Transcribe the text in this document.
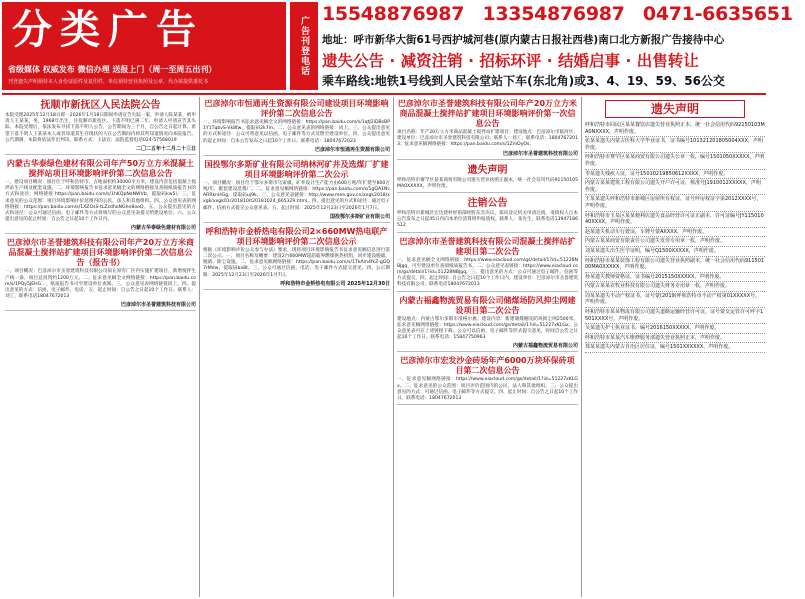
分类广告
省级媒体 权威发布 微信办理 送报上门（周一至周五出刊）
刊登遗失声明须持本人身份证原件及复印件，单位须持营业执照及公章，代办需提供委托书
广告刊登电话
15548876987 13354876987 0471-6635651
地址：呼市新华大街61号西护城河巷(原内蒙古日报社西巷)南口北方新报广告接待中心
遗失公告 · 减资注销 · 招标环评 · 结婚启事 · 出售转让
乘车路线:地铁1号线到人民会堂站下车(东北角)或3、4、19、59、56公交
抚顺市新抚区人民法院公告
本院受理2025年12月18日即一2026年1月18日期间申请宣告失踪一案，申请人陈某某，被申请人王某某，男，1968年出生，住抚顺市新抚区。下落不明已满二年，申请人申请宣告其失踪。本院受理后，依法发布寻找下落不明人公告，公告期间为三个月，自公告之日起计算。希望下落不明人王某某本人或者知道其生存现状的人在公告期间内将其所知道情况向本院报告。公告期满，本院将依法作出判决。联系方式：王法官；法院监督电话024-57568019
二〇二五年十二月二十三日
内蒙古华泰绿色建材有限公司年产50万立方米混凝土搅拌站项目环境影响评价第二次信息公告
一、建设项目概况：项目位于呼和浩特市，占地面积约30000平方米，建设内容包括混凝土搅拌站生产线及配套设施。二、环境影响报告书征求意见稿全文的网络链接及查阅纸质报告书的方式和途径：网络链接 https://pan.baidu.com/s/1hKQpNaNWVb，提取码kw5i。三、征求意见的公众范围：项目环境影响评价范围内的公民、法人和其他组织。四、公众意见表的网络链接：https://pan.baidu.com/s/1XZOsS-tLZsdhoNGhn8ooQ。五、公众提出意见的方式和途径：公众可通过信函、电子邮件等方式将填写的公众意见表提交给建设单位。六、公众提出意见的起止时间：自公告之日起10个工作日内。
内蒙古华泰绿色建材有限公司
巴彦淖尔市圣誉建筑科技有限公司年产20万立方米商品混凝土搅拌站扩建项目环境影响评价第二次信息公告（报告书）
一、项目概况：巴彦淖尔市圣誉建筑科技有限公司拟在原有厂区内实施扩建项目，新增搅拌生产线一条，项目总投资约1200万元。二、征求意见稿全文网络链接：https://pan.baidu.com/s/1PQy5JEHG...，纸质报告书可至建设单位查阅。三、公众意见表网络链接同上。四、提出意见的方式：信函、电子邮件、电话。五、起止时间：自公告之日起10个工作日。联系人：刘工，联系电话18047672013
巴彦淖尔市圣誉建筑科技有限公司
巴彦淖尔市恒通再生资源有限公司建设项目环境影响评价第二次信息公告
一、环境影响报告书征求意见稿全文的网络链接：https://pan.baidu.com/s/1qtJ2iDBsBP1Y1TqbvS-Vk8fw，提取码2k7m。二、公众意见表的网络链接：同上。三、公众提出意见的方式和途径：公众可将意见以信函、电子邮件等方式反馈至建设单位。四、公众提出意见的起止时间：自本公告发布之日起10个工作日。联系电话：18047672023
巴彦淖尔市恒通再生资源有限公司
国投鄂尔多斯矿业有限公司纳林河矿井及选煤厂扩建项目环境影响评价第二次公示
一、项目概况：项目位于鄂尔多斯市乌审旗，矿井设计生产能力由600万吨/年扩建至800万吨/年，配套建设选煤厂。二、征求意见稿网络链接：https://pan.baidu.com/s/1gQA1NcARRknHGg，提取码uj9k。三、公众意见表链接：http://www.mee.gov.cn/xxgk2018/xxgk/xxgk01/201810/t20181024_665329.html。四、提出意见的方式和途径：通过电子邮件、信函方式提交公众意见表。五、起止时间：2025年12月23日至2026年1月7日。
国投鄂尔多斯矿业有限公司
呼和浩特市金桥热电有限公司2×660MW热电联产项目环境影响评价第二次信息公示
根据《环境影响评价公众参与办法》要求，现将项目环境影响报告书征求意见稿信息进行第二次公示。一、项目名称及概要：建设2台660MW超超临界燃煤供热机组，同步建设脱硫、脱硝、除尘设施。二、征求意见稿网络链接：https://pan.baidu.com/s/1TkAm4fkZ-gGQ7rMdw，提取码bx8t。三、公众可通过信函、电话、电子邮件方式提交意见。四、公示期限：2025年12月23日至2026年1月7日。
呼和浩特市金桥热电有限公司 2025年12月30日
巴彦淖尔市圣誉建筑科技有限公司年产20万立方米商品混凝土搅拌站扩建项目环境影响评价第一次信息公告
项目名称：年产20万立方米商品混凝土搅拌站扩建项目；建设地点：巴彦淖尔市临河区；建设单位：巴彦淖尔市圣誉建筑科技有限公司；联系人：刘工；联系电话：18047672013；征求意见稿网络链接：https://pan.baidu.com/s/1ZmDyOs。
巴彦淖尔市圣誉建筑科技有限公司
遗失声明
呼和浩特市赛罕区某某商贸有限公司遗失营业执照正副本，统一社会信用代码91150105MA0XXXXX，声明作废。
注销公告
呼和浩特市新城区宏达建材经销部经股东会决议，拟向登记机关申请注销，请债权人自本公告发布之日起45日内向本单位清算组申报债权。联系人：张先生，联系电话13947186512
巴彦淖尔市圣誉建筑科技有限公司混凝土搅拌站扩建项目第二次公告
一、征求意见稿全文网络链接：https://www.eiacloud.com/gs/detail/1?id=51228NBJgq，可至建设单位查阅纸质报告书。二、公众意见表链接：https://www.eiacloud.com/gs/detail/1?id=51228NBJgq。三、提出意见的方式：公众可通过电子邮件、信函等方式提交。四、起止时间：自公告之日起10个工作日内。建设单位：巴彦淖尔市圣誉建筑科技有限公司，联系电话18047672013
内蒙古福鑫物流贸易有限公司储煤场防风抑尘网建设项目第二次公告
建设地点：内蒙古鄂尔多斯市准格尔旗；建设内容：新建储煤棚及防风抑尘网2500米。征求意见稿网络链接：https://www.eiacloud.com/gs/detail/1?id=51227xKLGx。公众意见表可在上述链接下载。公众可以信函、电子邮件等形式提交意见，时间自公告之日起10个工作日。联系电话：15847750963
内蒙古福鑫物流贸易有限公司
巴彦淖尔市宏发沙金砖场年产6000万块环保砖项目第二次信息公告
一、征求意见稿网络链接：https://www.eiacloud.com/gs/detail/1?id=51227xKLGx。二、征求意见的公众范围：项目评价范围内的公民、法人和其他组织。三、公众提出意见的方式：可通过信函、电子邮件等方式提交。四、起止时间：自公告之日起10个工作日。联系电话：18047672013
遗失声明
呼和浩特市回民区某某餐饮店遗失营业执照正本，统一社会信用代码92150103MA0NXXXX，声明作废。
张某某遗失内蒙古医科大学毕业证书，证书编号101321201805004XXX，声明作废。
呼和浩特市赛罕区某某商贸有限公司遗失公章一枚，编号1501050XXXXX，声明作废。
李某遗失残疾人证，证号15010219850612XXXX，声明作废。
内蒙古某某建筑工程有限公司遗失开户许可证，核准号J1910012XXXXX，声明作废。
王某某遗失呼和浩特市新城区房屋所有权证，证号呼房权证字第2012XXXX号，声明作废。
呼和浩特市玉泉区某某便利店遗失食品经营许可证正副本，许可证编号JY11501040XXXX，声明作废。
赵某遗失机动车行驶证，车牌号蒙AXXXX，声明作废。
内蒙古某某商贸有限责任公司遗失发票专用章一枚，声明作废。
刘某某遗失出生医学证明，编号Q1500XXXXX，声明作废。
呼和浩特市某某装饰工程有限公司遗失营业执照副本，统一社会信用代码91150100MA0XXXXX，声明作废。
孙某遗失教师资格证，证书编号2015150XXXXX，声明作废。
内蒙古某某农牧业科技有限公司遗失财务专用章一枚，声明作废。
周某某遗失不动产权证书，证号蒙(2019)呼和浩特市不动产权第01XXXXX号，声明作废。
呼和浩特市某某物流有限公司遗失道路运输经营许可证，证号蒙交运管许可呼字1501XXXX号，声明作废。
吴某遗失护士执业证书，编号2016150XXXXX，声明作废。
呼和浩特市某某汽车维修服务部遗失营业执照正本，声明作废。
郑某某遗失内蒙古自治区居住证，编号1501XXXXXX，声明作废。
